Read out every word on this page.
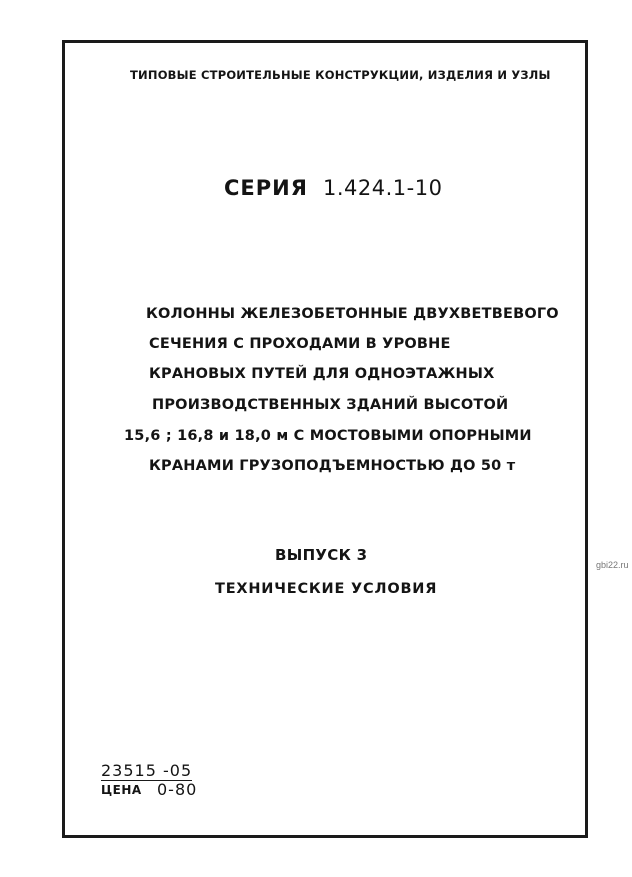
ТИПОВЫЕ СТРОИТЕЛЬНЫЕ КОНСТРУКЦИИ, ИЗДЕЛИЯ И УЗЛЫ
СЕРИЯ 1.424.1-10
КОЛОННЫ ЖЕЛЕЗОБЕТОННЫЕ ДВУХВЕТВЕВОГО
СЕЧЕНИЯ С ПРОХОДАМИ В УРОВНЕ
КРАНОВЫХ ПУТЕЙ ДЛЯ ОДНОЭТАЖНЫХ
ПРОИЗВОДСТВЕННЫХ ЗДАНИЙ ВЫСОТОЙ
15,6 ; 16,8 и 18,0 м С МОСТОВЫМИ ОПОРНЫМИ
КРАНАМИ ГРУЗОПОДЪЕМНОСТЬЮ ДО 50 т
ВЫПУСК 3
ТЕХНИЧЕСКИЕ УСЛОВИЯ
23515 -05
ЦЕНА 0-80
gbi22.ru
